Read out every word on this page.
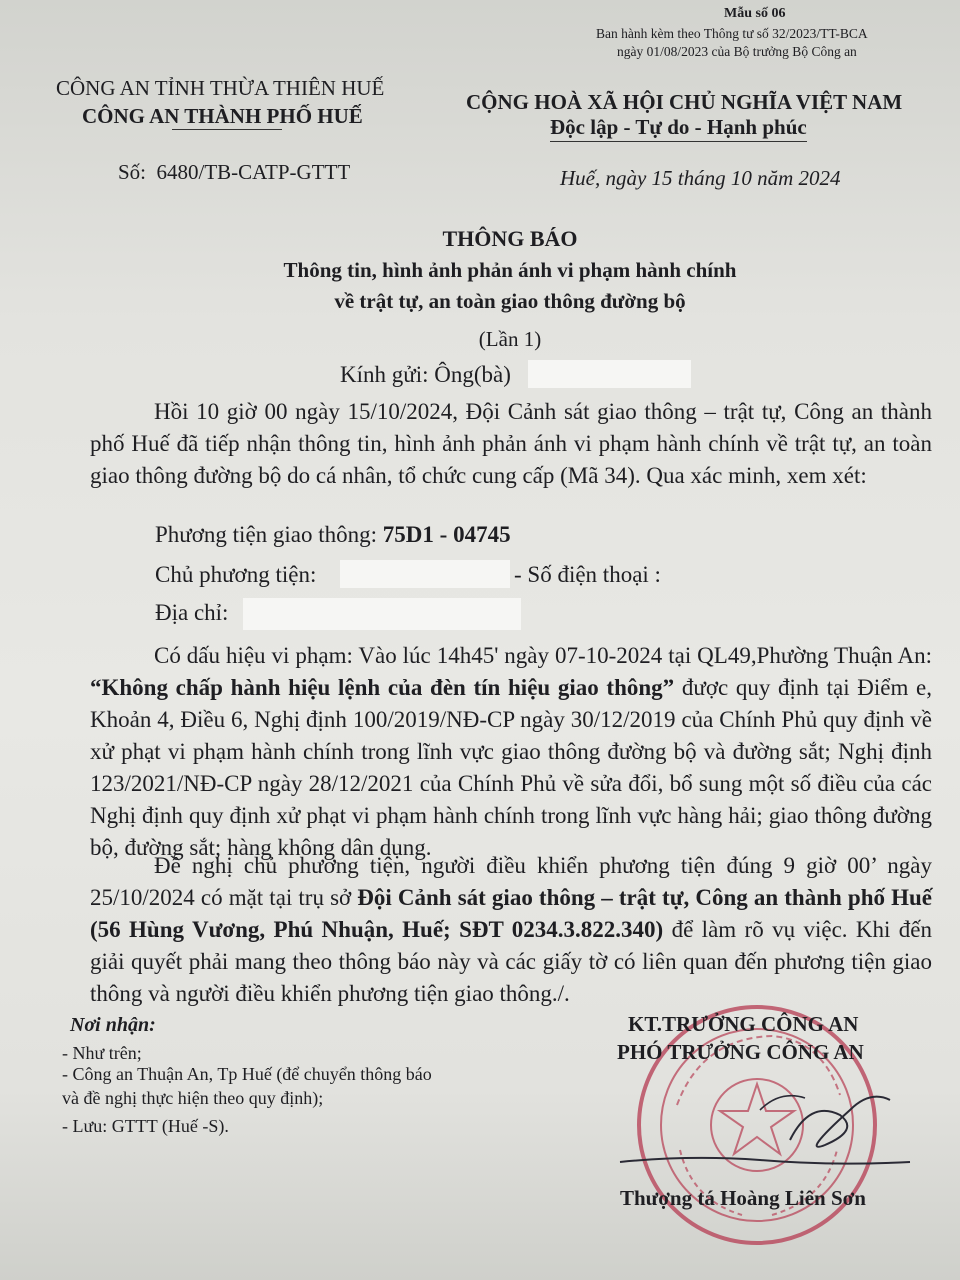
Mẫu số 06
Ban hành kèm theo Thông tư số 32/2023/TT-BCA
ngày 01/08/2023 của Bộ trưởng Bộ Công an
CÔNG AN TỈNH THỪA THIÊN HUẾ
CÔNG AN THÀNH PHỐ HUẾ
Số: 6480/TB-CATP-GTTT
CỘNG HOÀ XÃ HỘI CHỦ NGHĨA VIỆT NAM
Độc lập - Tự do - Hạnh phúc
Huế, ngày 15 tháng 10 năm 2024
THÔNG BÁO
Thông tin, hình ảnh phản ánh vi phạm hành chính
về trật tự, an toàn giao thông đường bộ
(Lần 1)
Kính gửi: Ông(bà)
Hồi 10 giờ 00 ngày 15/10/2024, Đội Cảnh sát giao thông – trật tự, Công an thành phố Huế đã tiếp nhận thông tin, hình ảnh phản ánh vi phạm hành chính về trật tự, an toàn giao thông đường bộ do cá nhân, tổ chức cung cấp (Mã 34). Qua xác minh, xem xét:
Phương tiện giao thông: 75D1 - 04745
Chủ phương tiện:	- Số điện thoại :
Địa chỉ:
Có dấu hiệu vi phạm: Vào lúc 14h45' ngày 07-10-2024 tại QL49,Phường Thuận An: “Không chấp hành hiệu lệnh của đèn tín hiệu giao thông” được quy định tại Điểm e, Khoản 4, Điều 6, Nghị định 100/2019/NĐ-CP ngày 30/12/2019 của Chính Phủ quy định về xử phạt vi phạm hành chính trong lĩnh vực giao thông đường bộ và đường sắt; Nghị định 123/2021/NĐ-CP ngày 28/12/2021 của Chính Phủ về sửa đổi, bổ sung một số điều của các Nghị định quy định xử phạt vi phạm hành chính trong lĩnh vực hàng hải; giao thông đường bộ, đường sắt; hàng không dân dụng.
Đề nghị chủ phương tiện, người điều khiển phương tiện đúng 9 giờ 00’ ngày 25/10/2024 có mặt tại trụ sở Đội Cảnh sát giao thông – trật tự, Công an thành phố Huế (56 Hùng Vương, Phú Nhuận, Huế; SĐT 0234.3.822.340) để làm rõ vụ việc. Khi đến giải quyết phải mang theo thông báo này và các giấy tờ có liên quan đến phương tiện giao thông và người điều khiển phương tiện giao thông./.
Nơi nhận:
- Như trên;
- Công an Thuận An, Tp Huế (để chuyển thông báo
và đề nghị thực hiện theo quy định);
- Lưu: GTTT (Huế -S).
KT.TRƯỞNG CÔNG AN
PHÓ TRƯỞNG CÔNG AN
Thượng tá Hoàng Liên Sơn
